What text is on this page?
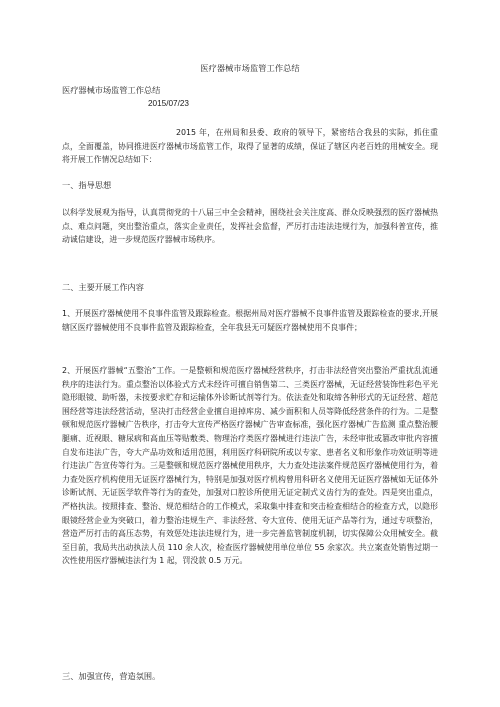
医疗器械市场监管工作总结
医疗器械市场监管工作总结
2015/07/23

2015 年，在州局和县委、政府的领导下，紧密结合我县的实际，抓住重点，全面覆盖，协同推进医疗器械市场监管工作，取得了显著的成绩，保证了辖区内老百姓的用械安全。现将开展工作情况总结如下：

一、指导思想

以科学发展观为指导，认真贯彻党的十八届三中全会精神，围绕社会关注度高、群众反映强烈的医疗器械热点、难点问题，突出整治重点，落实企业责任，发挥社会监督，严厉打击违法违规行为，加强科普宣传，推动诚信建设，进一步规范医疗器械市场秩序。

二、主要开展工作内容

1、开展医疗器械使用不良事件监管及跟踪检查。根据州局对医疗器械不良事件监管及跟踪检查的要求,开展辖区医疗器械使用不良事件监管及跟踪检查，全年我县无可疑医疗器械使用不良事件；

2、开展医疗器械“五整治”工作。一是整顿和规范医疗器械经营秩序，打击非法经营突出整治严重扰乱流通秩序的违法行为。重点整治以体验式方式未经许可擅自销售第二、三类医疗器械，无证经营装饰性彩色平光隐形眼镜、助听器，未按要求贮存和运输体外诊断试剂等行为。依法查处和取缔各种形式的无证经营、超范围经营等违法经营活动，坚决打击经营企业擅自退掉库房、减少面积和人员等降低经营条件的行为。二是整顿和规范医疗器械广告秩序，打击夸大宣传严格医疗器械广告审查标准，强化医疗器械广告监测 重点整治腰腿痛、近视眼、糖尿病和高血压等贴敷类、物理治疗类医疗器械进行违法广告，未经审批或篡改审批内容擅自发布违法广告，夸大产品功效和适用范围，利用医疗科研院所或以专家、患者名义和形象作功效证明等进行违法广告宣传等行为。三是整顿和规范医疗器械使用秩序，大力查处违法案件规范医疗器械使用行为，着力查处医疗机构使用无证医疗器械行为，特别是加强对医疗机构曾用科研名义使用无证医疗器械如无证体外诊断试剂、无证医学软件等行为的查处，加强对口腔诊所使用无证定制式义齿行为的查处。四是突出重点，严格执法。按照排查、整治、规范相结合的工作模式，采取集中排查和突击检查相结合的检查方式，以隐形眼镜经营企业为突破口，着力整治违规生产、非法经营、夸大宣传、使用无证产品等行为，通过专项整治，营造严厉打击的高压态势，有效惩处违法违规行为，进一步完善监管制度机制，切实保障公众用械安全。截至目前，我局共出动执法人员 110 余人次，检查医疗器械使用单位单位 55 余家次。共立案查处销售过期一次性使用医疗器械违法行为 1 起，罚没款 0.5 万元。

三、加强宣传，营造氛围。
